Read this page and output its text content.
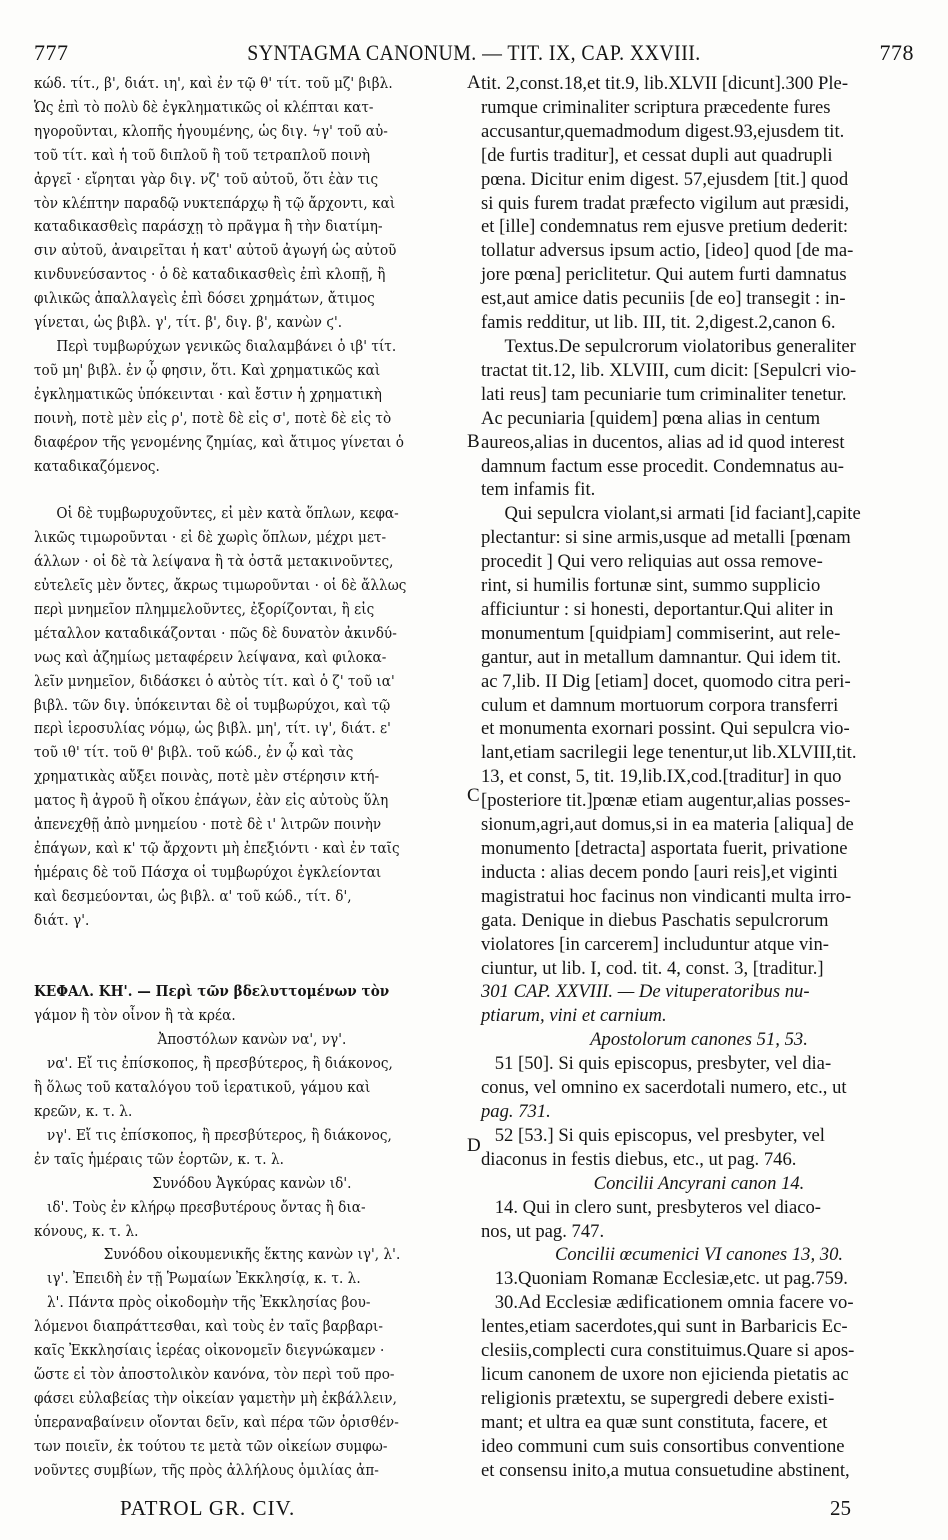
777	SYNTAGMA CANONUM. — TIT. IX, CAP. XXVIII.	778
κώδ. τίτ., β', διάτ. ιη', καὶ ἐν τῷ θ' τίτ. τοῦ μζ' βιβλ.
Ὡς ἐπὶ τὸ πολὺ δὲ ἐγκληματικῶς οἱ κλέπται κατ-
ηγορoῦνται, κλοπῆς ἡγουμένης, ὡς διγ. ϟγ' τοῦ αὐ-
τοῦ τίτ. καὶ ἡ τοῦ διπλοῦ ἢ τοῦ τετραπλοῦ ποινὴ
ἀργεῖ · εἴρηται γὰρ διγ. νζ' τοῦ αὐτοῦ, ὅτι ἐὰν τις
τὸν κλέπτην παραδῷ νυκτεπάρχῳ ἢ τῷ ἄρχοντι, καὶ
καταδικασθεὶς παράσχῃ τὸ πρᾶγμα ἢ τὴν διατίμη-
σιν αὐτοῦ, ἀναιρεῖται ἡ κατ' αὐτοῦ ἀγωγή ὡς αὐτοῦ
κινδυνεύσαντος · ὁ δὲ καταδικασθεὶς ἐπὶ κλοπῇ, ἢ
φιλικῶς ἀπαλλαγεὶς ἐπὶ δόσει χρημάτων, ἄτιμος
γίνεται, ὡς βιβλ. γ', τίτ. β', διγ. β', κανὼν ϛ'.
Περὶ τυμβωρύχων γενικῶς διαλαμβάνει ὁ ιβ' τίτ.
τοῦ μη' βιβλ. ἐν ᾧ φησιν, ὅτι. Καὶ χρηματικῶς καὶ
ἐγκληματικῶς ὑπόκεινται · καὶ ἔστιν ἡ χρηματικὴ
ποινὴ, ποτὲ μὲν εἰς ρ', ποτὲ δὲ εἰς σ', ποτὲ δὲ εἰς τὸ
διαφέρον τῆς γενομένης ζημίας, καὶ ἄτιμος γίνεται ὁ
καταδικαζόμενος.
Οἱ δὲ τυμβωρυχοῦντες, εἰ μὲν κατὰ ὅπλων, κεφα-
λικῶς τιμωροῦνται · εἰ δὲ χωρὶς ὅπλων, μέχρι μετ-
άλλων · οἱ δὲ τὰ λείψανα ἢ τὰ ὀστᾶ μετακινοῦντες,
εὐτελεῖς μὲν ὄντες, ἄκρως τιμωροῦνται · οἱ δὲ ἄλλως
περὶ μνημεῖον πλημμελοῦντες, ἐξορίζονται, ἢ εἰς
μέταλλον καταδικάζονται · πῶς δὲ δυνατὸν ἀκινδύ-
νως καὶ ἀζημίως μεταφέρειν λείψανα, καὶ φιλοκα-
λεῖν μνημεῖον, διδάσκει ὁ αὐτὸς τίτ. καὶ ὁ ζ' τοῦ ια'
βιβλ. τῶν διγ. ὑπόκεινται δὲ οἱ τυμβωρύχοι, καὶ τῷ
περὶ ἱεροσυλίας νόμῳ, ὡς βιβλ. μη', τίτ. ιγ', διάτ. ε'
τοῦ ιθ' τίτ. τοῦ θ' βιβλ. τοῦ κώδ., ἐν ᾧ καὶ τὰς
χρηματικὰς αὔξει ποινὰς, ποτὲ μὲν στέρησιν κτή-
ματος ἢ ἀγροῦ ἢ οἴκου ἐπάγων, ἐὰν εἰς αὐτοὺς ὕλη
ἀπενεχθῇ ἀπὸ μνημείου · ποτὲ δὲ ι' λιτρῶν ποινὴν
ἐπάγων, καὶ κ' τῷ ἄρχοντι μὴ ἐπεξιόντι · καὶ ἐν ταῖς
ἡμέραις δὲ τοῦ Πάσχα οἱ τυμβωρύχοι ἐγκλείονται
καὶ δεσμεύονται, ὡς βιβλ. α' τοῦ κώδ., τίτ. δ',
διάτ. γ'.
ΚΕΦΑΛ. ΚΗ'. — Περὶ τῶν βδελυττομένων τὸν
γάμον ἢ τὸν οἶνον ἢ τὰ κρέα.
Ἀποστόλων κανὼν να', νγ'.
να'. Εἴ τις ἐπίσκοπος, ἢ πρεσβύτερος, ἢ διάκονος,
ἢ ὅλως τοῦ καταλόγου τοῦ ἱερατικοῦ, γάμου καὶ
κρεῶν, κ. τ. λ.
νγ'. Εἴ τις ἐπίσκοπος, ἢ πρεσβύτερος, ἢ διάκονος,
ἐν ταῖς ἡμέραις τῶν ἑορτῶν, κ. τ. λ.
Συνόδου Ἀγκύρας κανὼν ιδ'.
ιδ'. Τοὺς ἐν κλήρῳ πρεσβυτέρους ὄντας ἢ δια-
κόνους, κ. τ. λ.
Συνόδου οἰκουμενικῆς ἕκτης κανὼν ιγ', λ'.
ιγ'. Ἐπειδὴ ἐν τῇ Ῥωμαίων Ἐκκλησίᾳ, κ. τ. λ.
λ'. Πάντα πρὸς οἰκοδομὴν τῆς Ἐκκλησίας βου-
λόμενοι διαπράττεσθαι, καὶ τοὺς ἐν ταῖς βαρβαρι-
καῖς Ἐκκλησίαις ἱερέας οἰκονομεῖν διεγνώκαμεν ·
ὥστε εἰ τὸν ἀποστολικὸν κανόνα, τὸν περὶ τοῦ προ-
φάσει εὐλαβείας τὴν οἰκείαν γαμετὴν μὴ ἐκβάλλειν,
ὑπεραναβαίνειν οἴονται δεῖν, καὶ πέρα τῶν ὁρισθέν-
των ποιεῖν, ἐκ τούτου τε μετὰ τῶν οἰκείων συμφω-
νοῦντες συμβίων, τῆς πρὸς ἀλλήλους ὁμιλίας ἀπ-
tit. 2,const.18,et tit.9, lib.XLVII [dicunt].300 Ple-
rumque criminaliter scriptura præcedente fures
accusantur,quemadmodum digest.93,ejusdem tit.
[de furtis traditur], et cessat dupli aut quadrupli
pœna. Dicitur enim digest. 57,ejusdem [tit.] quod
si quis furem tradat præfecto vigilum aut præsidi,
et [ille] condemnatus rem ejusve pretium dederit:
tollatur adversus ipsum actio, [ideo] quod [de ma-
jore pœna] periclitetur. Qui autem furti damnatus
est,aut amice datis pecuniis [de eo] transegit : in-
famis redditur, ut lib. III, tit. 2,digest.2,canon 6.
Textus.De sepulcrorum violatoribus generaliter
tractat tit.12, lib. XLVIII, cum dicit: [Sepulcri vio-
lati reus] tam pecuniarie tum criminaliter tenetur.
Ac pecuniaria [quidem] pœna alias in centum
aureos,alias in ducentos, alias ad id quod interest
damnum factum esse procedit. Condemnatus au-
tem infamis fit.
Qui sepulcra violant,si armati [id faciant],capite
plectantur: si sine armis,usque ad metalli [pœnam
procedit ] Qui vero reliquias aut ossa remove-
rint, si humilis fortunæ sint, summo supplicio
afficiuntur : si honesti, deportantur.Qui aliter in
monumentum [quidpiam] commiserint, aut rele-
gantur, aut in metallum damnantur. Qui idem tit.
ac 7,lib. II Dig [etiam] docet, quomodo citra peri-
culum et damnum mortuorum corpora transferri
et monumenta exornari possint. Qui sepulcra vio-
lant,etiam sacrilegii lege tenentur,ut lib.XLVIII,tit.
13, et const, 5, tit. 19,lib.IX,cod.[traditur] in quo
[posteriore tit.]pœnæ etiam augentur,alias posses-
sionum,agri,aut domus,si in ea materia [aliqua] de
monumento [detracta] asportata fuerit, privatione
inducta : alias decem pondo [auri reis],et viginti
magistratui hoc facinus non vindicanti multa irro-
gata. Denique in diebus Paschatis sepulcrorum
violatores [in carcerem] includuntur atque vin-
ciuntur, ut lib. I, cod. tit. 4, const. 3, [traditur.]
301 CAP. XXVIII. — De vituperatoribus nu-
ptiarum, vini et carnium.
Apostolorum canones 51, 53.
51 [50]. Si quis episcopus, presbyter, vel dia-
conus, vel omnino ex sacerdotali numero, etc., ut
pag. 731.
52 [53.] Si quis episcopus, vel presbyter, vel
diaconus in festis diebus, etc., ut pag. 746.
Concilii Ancyrani canon 14.
14. Qui in clero sunt, presbyteros vel diaco-
nos, ut pag. 747.
Concilii œcumenici VI canones 13, 30.
13.Quoniam Romanæ Ecclesiæ,etc. ut pag.759.
30.Ad Ecclesiæ ædificationem omnia facere vo-
lentes,etiam sacerdotes,qui sunt in Barbaricis Ec-
clesiis,complecti cura constituimus.Quare si apos-
licum canonem de uxore non ejicienda pietatis ac
religionis prætextu, se supergredi debere existi-
mant; et ultra ea quæ sunt constituta, facere, et
ideo communi cum suis consortibus conventione
et consensu inito,a mutua consuetudine abstinent,
A
B
C
D
PATROL GR. CIV.	25
